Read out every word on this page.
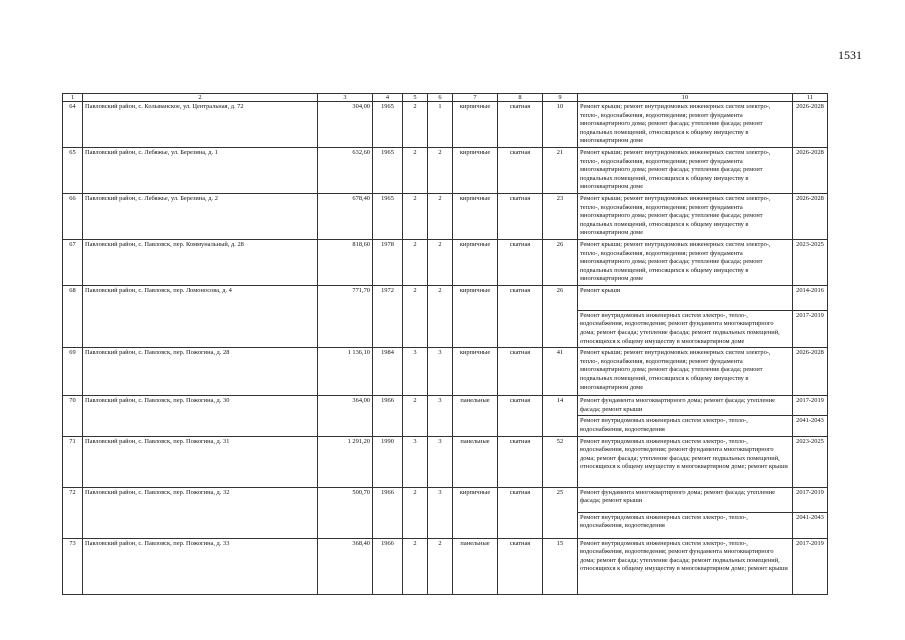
1531
1	2	3	4	5	6	7	8	9	10	11
64	Павловский район, с. Колыванское, ул. Центральная, д. 72	304,00	1965	2	1	кирпичные	скатная	10	Ремонт крыши; ремонт внутридомовых инженерных систем электро-, тепло-, водоснабжения, водоотведения; ремонт фундамента многоквартирного дома; ремонт фасада; утепление фасада; ремонт подвальных помещений, относящихся к общему имуществу в многоквартирном доме	2026-2028
65	Павловский район, с. Лебяжье, ул. Березина, д. 1	632,60	1965	2	2	кирпичные	скатная	21	Ремонт крыши; ремонт внутридомовых инженерных систем электро-, тепло-, водоснабжения, водоотведения; ремонт фундамента многоквартирного дома; ремонт фасада; утепление фасада; ремонт подвальных помещений, относящихся к общему имуществу в многоквартирном доме	2026-2028
66	Павловский район, с. Лебяжье, ул. Березина, д. 2	678,40	1965	2	2	кирпичные	скатная	23	Ремонт крыши; ремонт внутридомовых инженерных систем электро-, тепло-, водоснабжения, водоотведения; ремонт фундамента многоквартирного дома; ремонт фасада; утепление фасада; ремонт подвальных помещений, относящихся к общему имуществу в многоквартирном доме	2026-2028
67	Павловский район, с. Павловск, пер. Коммунальный, д. 28	818,60	1978	2	2	кирпичные	скатная	26	Ремонт крыши; ремонт внутридомовых инженерных систем электро-, тепло-, водоснабжения, водоотведения; ремонт фундамента многоквартирного дома; ремонт фасада; утепление фасада; ремонт подвальных помещений, относящихся к общему имуществу в многоквартирном доме	2023-2025
68	Павловский район, с. Павловск, пер. Ломоносова, д. 4	771,70	1972	2	2	кирпичные	скатная	26	Ремонт крыши	2014-2016
									Ремонт внутридомовых инженерных систем электро-, тепло-, водоснабжения, водоотведения; ремонт фундамента многоквартирного дома; ремонт фасада; утепление фасада; ремонт подвальных помещений, относящихся к общему имуществу в многоквартирном доме	2017-2019
69	Павловский район, с. Павловск, пер. Пожогина, д. 28	1 136,10	1984	3	3	кирпичные	скатная	41	Ремонт крыши; ремонт внутридомовых инженерных систем электро-, тепло-, водоснабжения, водоотведения; ремонт фундамента многоквартирного дома; ремонт фасада; утепление фасада; ремонт подвальных помещений, относящихся к общему имуществу в многоквартирном доме	2026-2028
70	Павловский район, с. Павловск, пер. Пожогина, д. 30	364,00	1966	2	3	панельные	скатная	14	Ремонт фундамента многоквартирного дома; ремонт фасада; утепление фасада; ремонт крыши	2017-2019
									Ремонт внутридомовых инженерных систем электро-, тепло-, водоснабжения, водоотведения	2041-2043
71	Павловский район, с. Павловск, пер. Пожогина, д. 31	1 291,20	1990	3	3	панельные	скатная	52	Ремонт внутридомовых инженерных систем электро-, тепло-, водоснабжения, водоотведения; ремонт фундамента многоквартирного дома; ремонт фасада; утепление фасада; ремонт подвальных помещений, относящихся к общему имуществу в многоквартирном доме; ремонт крыши	2023-2025
72	Павловский район, с. Павловск, пер. Пожогина, д. 32	500,70	1966	2	3	кирпичные	скатная	25	Ремонт фундамента многоквартирного дома; ремонт фасада; утепление фасада; ремонт крыши	2017-2019
									Ремонт внутридомовых инженерных систем электро-, тепло-, водоснабжения, водоотведения	2041-2043
73	Павловский район, с. Павловск, пер. Пожогина, д. 33	368,40	1966	2	2	панельные	скатная	15	Ремонт внутридомовых инженерных систем электро-, тепло-, водоснабжения, водоотведения; ремонт фундамента многоквартирного дома; ремонт фасада; утепление фасада; ремонт подвальных помещений, относящихся к общему имуществу в многоквартирном доме; ремонт крыши	2017-2019
